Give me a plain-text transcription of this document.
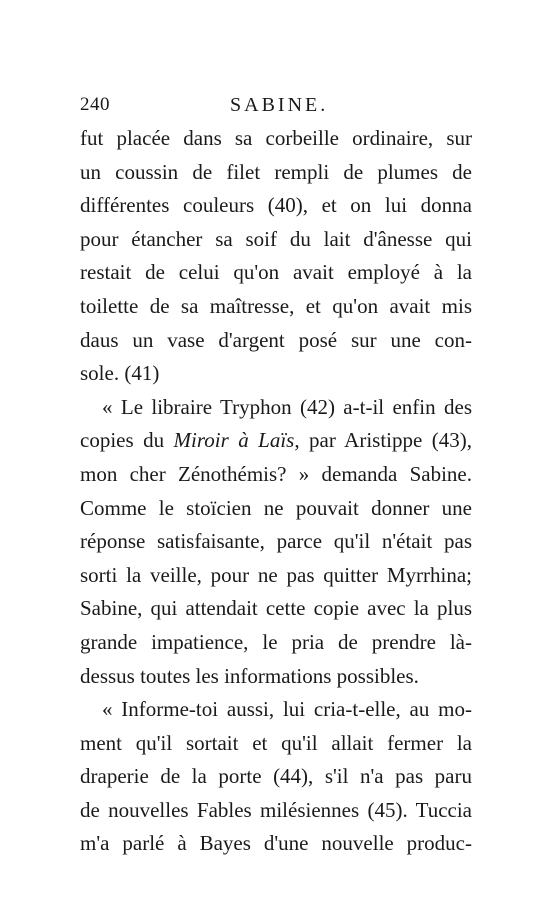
240	SABINE.
fut placée dans sa corbeille ordinaire, sur
un coussin de filet rempli de plumes de
différentes couleurs (40), et on lui donna
pour étancher sa soif du lait d'ânesse qui
restait de celui qu'on avait employé à la
toilette de sa maîtresse, et qu'on avait mis
daus un vase d'argent posé sur une con-
sole. (41)
« Le libraire Tryphon (42) a-t-il enfin des
copies du Miroir à Laïs, par Aristippe (43),
mon cher Zénothémis? » demanda Sabine.
Comme le stoïcien ne pouvait donner une
réponse satisfaisante, parce qu'il n'était pas
sorti la veille, pour ne pas quitter Myrrhina;
Sabine, qui attendait cette copie avec la plus
grande impatience, le pria de prendre là-
dessus toutes les informations possibles.
« Informe-toi aussi, lui cria-t-elle, au mo-
ment qu'il sortait et qu'il allait fermer la
draperie de la porte (44), s'il n'a pas paru
de nouvelles Fables milésiennes (45). Tuccia
m'a parlé à Bayes d'une nouvelle produc-
